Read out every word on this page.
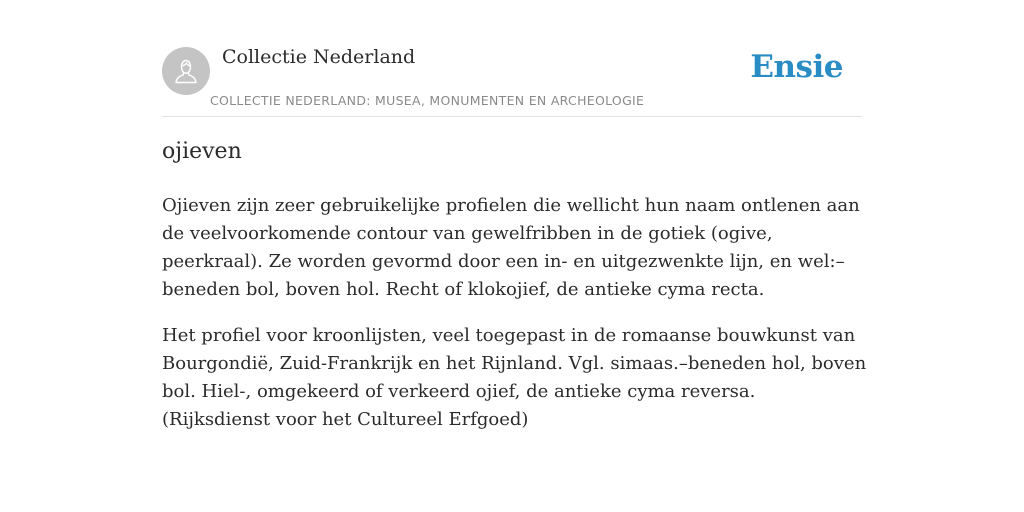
Collectie Nederland
COLLECTIE NEDERLAND: MUSEA, MONUMENTEN EN ARCHEOLOGIE
Ensie
ojieven

Ojieven zijn zeer gebruikelijke profielen die wellicht hun naam ontlenen aan de veelvoorkomende contour van gewelfribben in de gotiek (ogive, peerkraal). Ze worden gevormd door een in- en uitgezwenkte lijn, en wel:–beneden bol, boven hol. Recht of klokojief, de antieke cyma recta.

Het profiel voor kroonlijsten, veel toegepast in de romaanse bouwkunst van Bourgondië, Zuid-Frankrijk en het Rijnland. Vgl. simaas.–beneden hol, boven bol. Hiel-, omgekeerd of verkeerd ojief, de antieke cyma reversa. (Rijksdienst voor het Cultureel Erfgoed)
